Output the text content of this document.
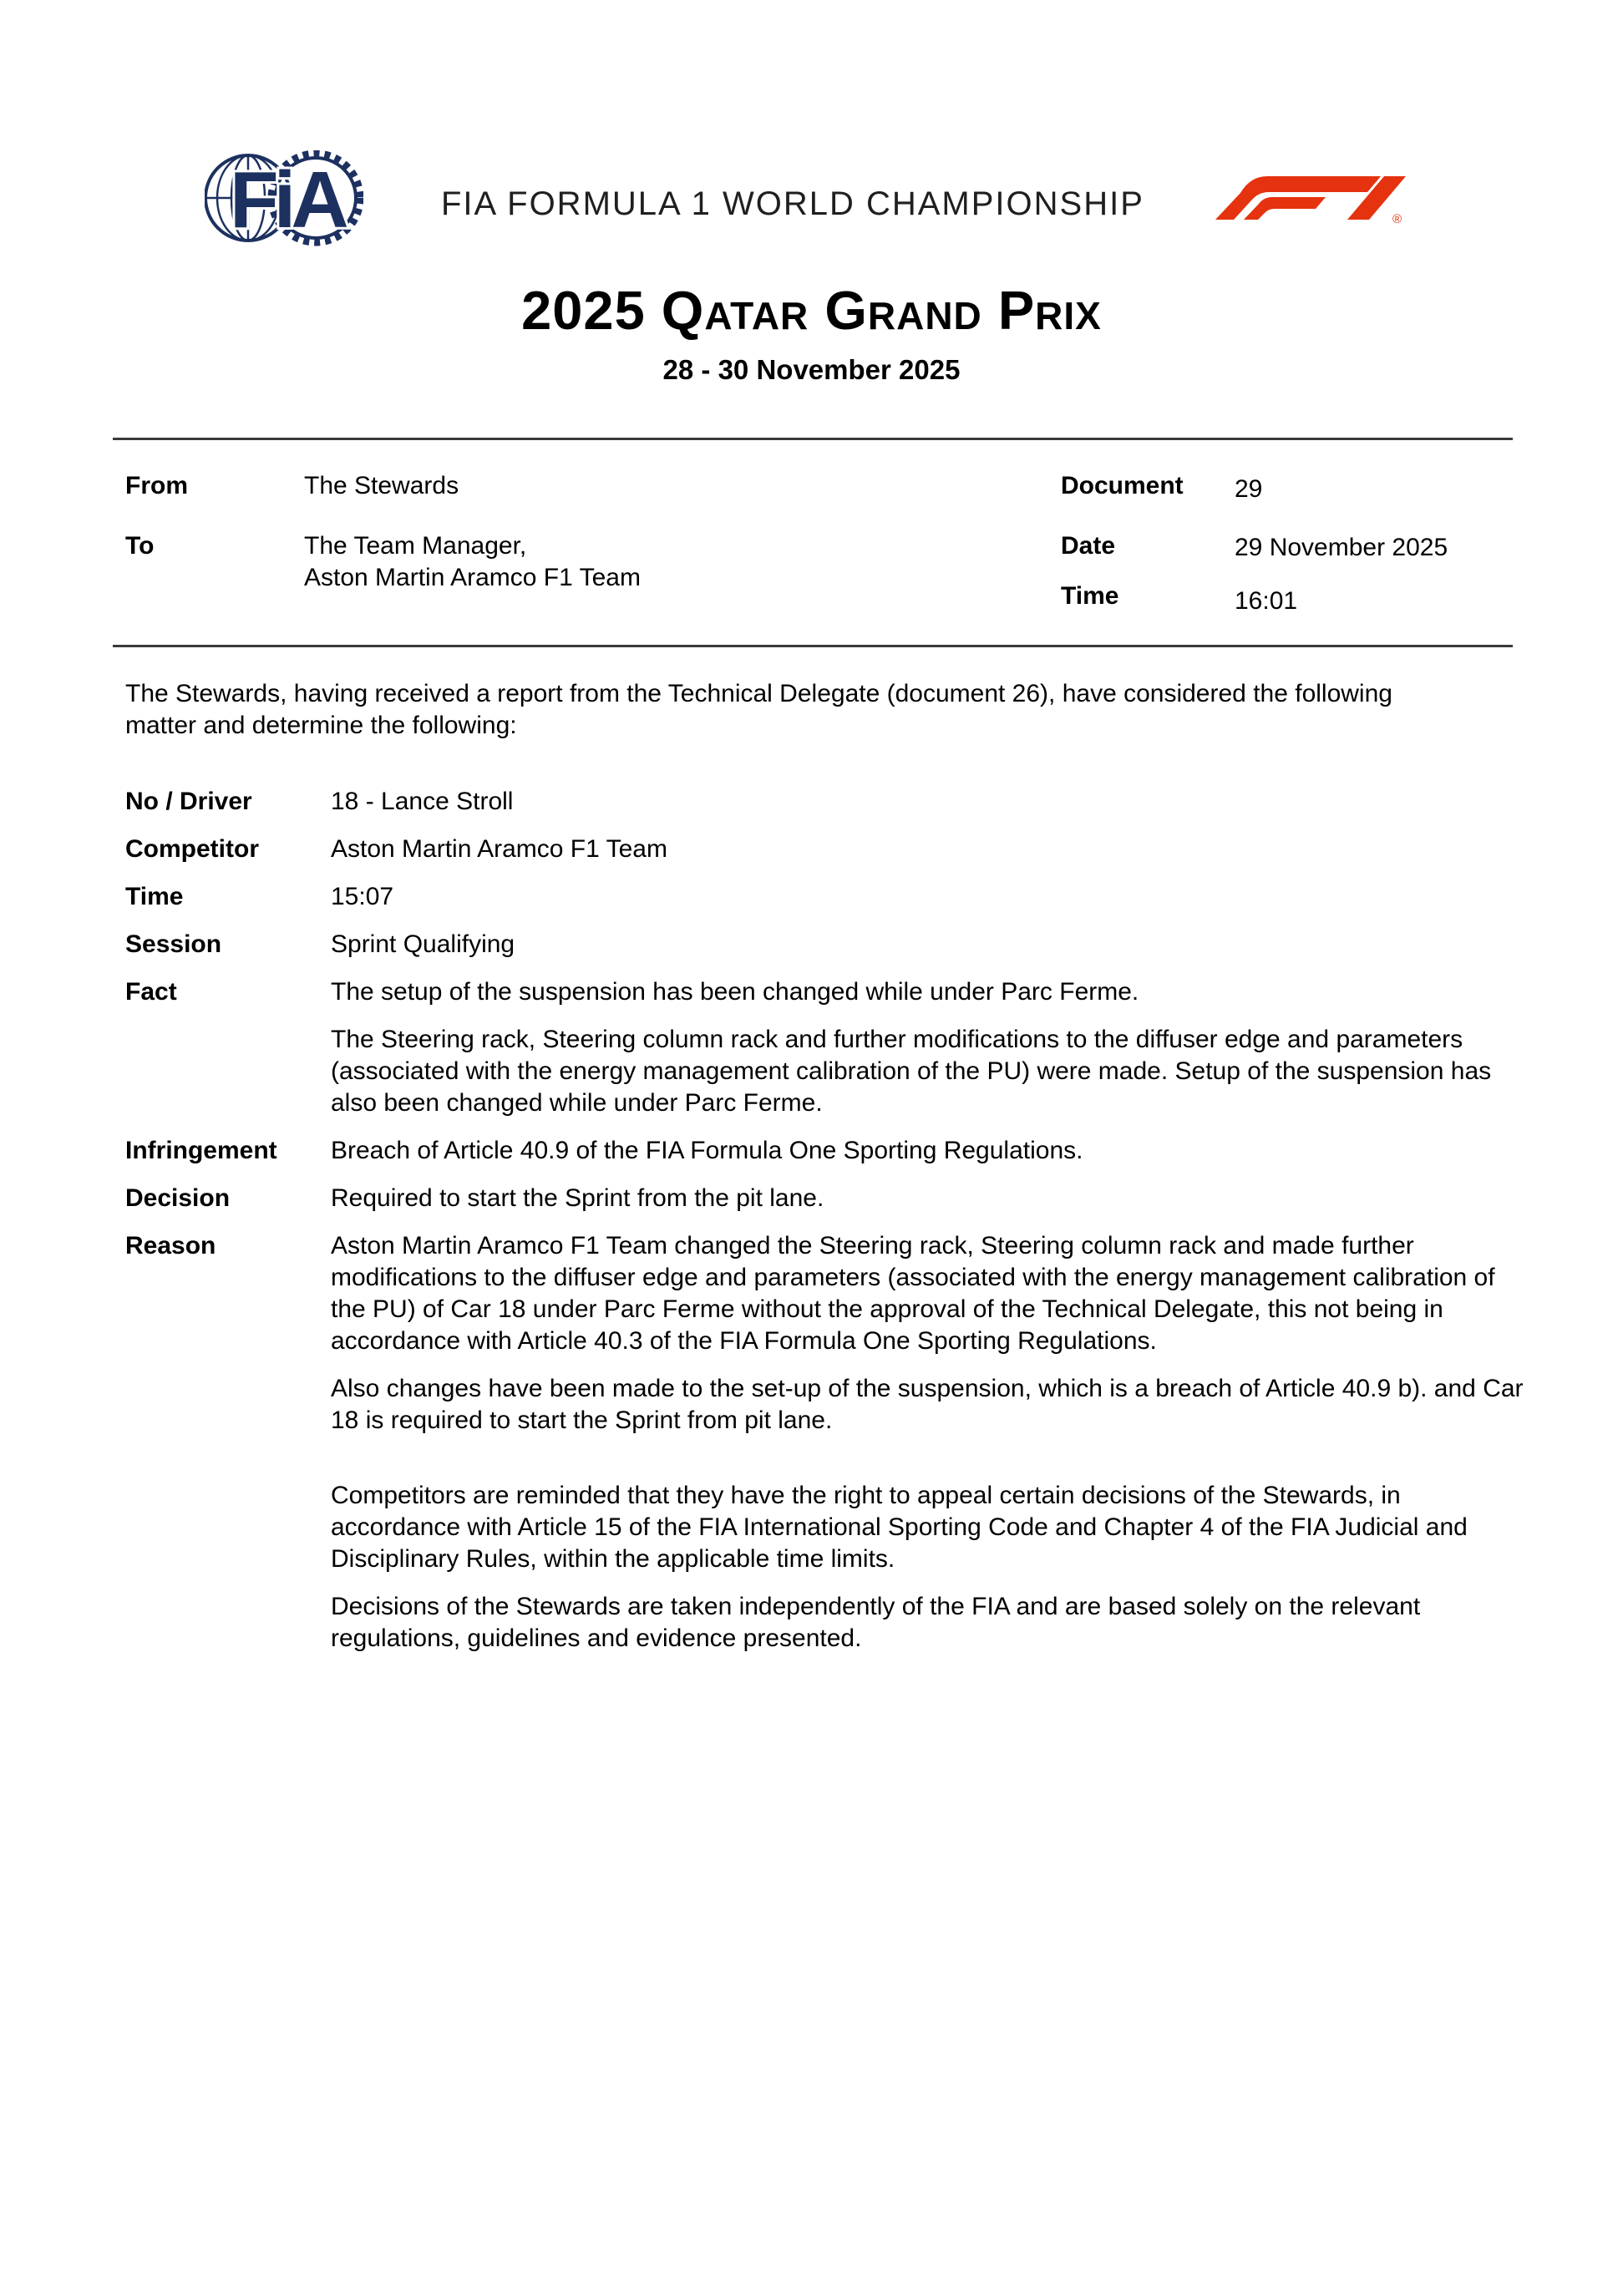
FiA	FIA FORMULA 1 WORLD CHAMPIONSHIP	®
2025 Qatar Grand Prix
28 - 30 November 2025
From	The Stewards
To	The Team Manager,
Aston Martin Aramco F1 Team
Document 29
Date	29 November 2025
Time	16:01
The Stewards, having received a report from the Technical Delegate (document 26), have considered the following matter and determine the following:
No / Driver	18 - Lance Stroll

Competitor	Aston Martin Aramco F1 Team

Time	15:07

Session	Sprint Qualifying

Fact	The setup of the suspension has been changed while under Parc Ferme.

The Steering rack, Steering column rack and further modifications to the diffuser edge and parameters (associated with the energy management calibration of the PU) were made. Setup of the suspension has also been changed while under Parc Ferme.

Infringement	Breach of Article 40.9 of the FIA Formula One Sporting Regulations.

Decision	Required to start the Sprint from the pit lane.

Reason	Aston Martin Aramco F1 Team changed the Steering rack, Steering column rack and made further modifications to the diffuser edge and parameters (associated with the energy management calibration of the PU) of Car 18 under Parc Ferme without the approval of the Technical Delegate, this not being in accordance with Article 40.3 of the FIA Formula One Sporting Regulations.

Also changes have been made to the set-up of the suspension, which is a breach of Article 40.9 b). and Car 18 is required to start the Sprint from pit lane.

Competitors are reminded that they have the right to appeal certain decisions of the Stewards, in accordance with Article 15 of the FIA International Sporting Code and Chapter 4 of the FIA Judicial and Disciplinary Rules, within the applicable time limits.

Decisions of the Stewards are taken independently of the FIA and are based solely on the relevant regulations, guidelines and evidence presented.
